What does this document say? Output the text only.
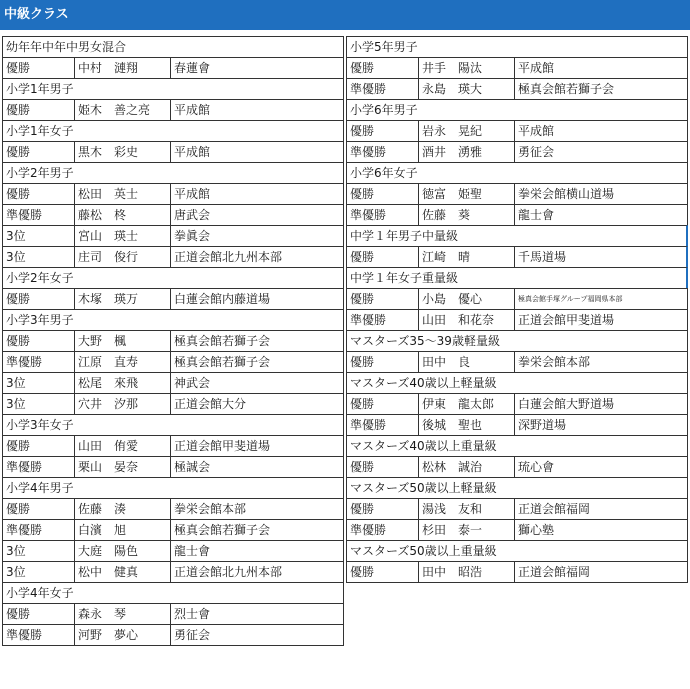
中級クラス
幼年年中年中男女混合
優勝	中村　漣翔	春蓮會
小学1年男子
優勝	姫木　善之亮	平成館
小学1年女子
優勝	黒木　彩史	平成館
小学2年男子
優勝	松田　英士	平成館
準優勝	藤松　柊	唐武会
3位	宮山　瑛士	拳眞会
3位	庄司　俊行	正道会館北九州本部
小学2年女子
優勝	木塚　瑛万	白蓮会館内藤道場
小学3年男子
優勝	大野　楓	極真会館若獅子会
準優勝	江原　直寿	極真会館若獅子会
3位	松尾　來飛	神武会
3位	穴井　汐那	正道会館大分
小学3年女子
優勝	山田　侑愛	正道会館甲斐道場
準優勝	栗山　晏奈	極誠会
小学4年男子
優勝	佐藤　湊	拳栄会館本部
準優勝	白濱　旭	極真会館若獅子会
3位	大庭　陽色	龍士會
3位	松中　健真	正道会館北九州本部
小学4年女子
優勝	森永　琴	烈士會
準優勝	河野　夢心	勇征会
小学5年男子
優勝	井手　陽汰	平成館
準優勝	永島　瑛大	極真会館若獅子会
小学6年男子
優勝	岩永　晃紀	平成館
準優勝	酒井　湧雅	勇征会
小学6年女子
優勝	徳富　姫聖	拳栄会館横山道場
準優勝	佐藤　葵	龍士會
中学１年男子中量級
優勝	江崎　晴	千馬道場
中学１年女子重量級
優勝	小島　優心	極真会館手塚グループ福岡県本部
準優勝	山田　和花奈	正道会館甲斐道場
マスターズ35〜39歳軽量級
優勝	田中　良	拳栄会館本部
マスターズ40歳以上軽量級
優勝	伊東　龍太郎	白蓮会館大野道場
準優勝	後城　聖也	深野道場
マスターズ40歳以上重量級
優勝	松林　誠治	琉心會
マスターズ50歳以上軽量級
優勝	湯浅　友和	正道会館福岡
準優勝	杉田　泰一	獅心塾
マスターズ50歳以上重量級
優勝	田中　昭浩	正道会館福岡
